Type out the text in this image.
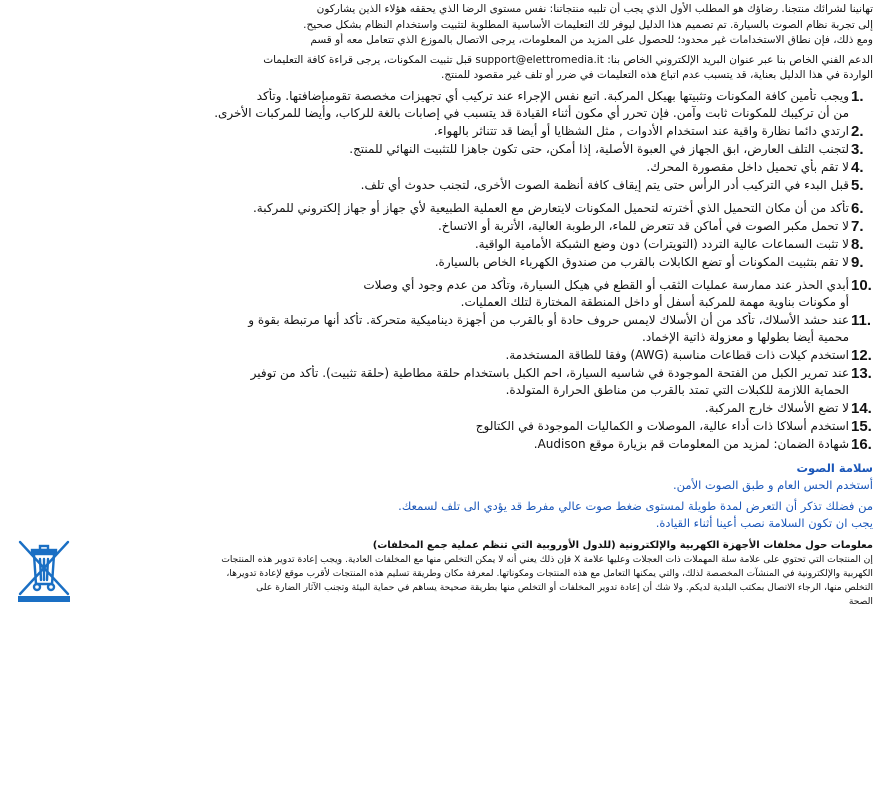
تهانينا لشرائك منتجنا. رضاؤك هو المطلب الأول الذي يجب أن تلبيه منتجاتنا: نفس مستوى الرضا الذي يحققه هؤلاء الذين يشاركون

إلى تجربة نظام الصوت بالسيارة. تم تصميم هذا الدليل ليوفر لك التعليمات الأساسية المطلوبة لتثبيت واستخدام النظام بشكل صحيح.

ومع ذلك، فإن نطاق الاستخدامات غير محدود؛ للحصول على المزيد من المعلومات، يرجى الاتصال بالموزع الذي تتعامل معه أو قسم

الدعم الفني الخاص بنا عبر عنوان البريد الإلكتروني الخاص بنا: support@elettromedia.it قبل تثبيت المكونات، يرجى قراءة كافة التعليمات

الواردة في هذا الدليل بعناية، قد يتسبب عدم اتباع هذه التعليمات في ضرر أو تلف غير مقصود للمنتج.

1.
ويجب تأمين كافة المكونات وتثبيتها بهيكل المركبة. اتبع نفس الإجراء عند تركيب أي تجهيزات مخصصة تقومبإضافتها. وتأكد
من أن تركيبك للمكونات ثابت وآمن. فإن تحرر أي مكون أثناء القيادة قد يتسبب في إصابات بالغة للركاب، وأيضا للمركبات الأخرى.
2.
ارتدي دائما نظارة واقية عند استخدام الأدوات , مثل الشظايا أو أيضا قد تتناثر بالهواء.
3.
لتجنب التلف العارض، ابق الجهاز في العبوة الأصلية، إذا أمكن، حتى تكون جاهزا للتثبيت النهائي للمنتج.
4.
لا تقم بأي تحميل داخل مقصورة المحرك.
5.
قبل البدء في التركيب أدر الرأس حتى يتم إيقاف كافة أنظمة الصوت الأخرى، لتجنب حدوث أي تلف.
6.
تأكد من أن مكان التحميل الذي أخترته لتحميل المكونات لايتعارض مع العملية الطبيعية لأي جهاز أو جهاز إلكتروني للمركبة.
7.
لا تحمل مكبر الصوت في أماكن قد تتعرض للماء، الرطوبة العالية، الأتربة أو الاتساخ.
8.
لا تثبت السماعات عالية التردد (التويترات) دون وضع الشبكة الأمامية الواقية.
9.
لا تقم بتثبيت المكونات أو تضع الكابلات بالقرب من صندوق الكهرباء الخاص بالسيارة.
10.
أبدي الحذر عند ممارسة عمليات الثقب أو القطع في هيكل السيارة، وتأكد من عدم وجود أي وصلات
أو مكونات بناوية مهمة للمركبة أسفل أو داخل المنطقة المختارة لتلك العمليات.
11.
عند حشد الأسلاك، تأكد من أن الأسلاك لايمس حروف حادة أو بالقرب من أجهزة ديناميكية متحركة. تأكد أنها مرتبطة بقوة و
محمية أيضا بطولها و معزولة ذاتية الإخماد.
12.
استخدم كيلات ذات قطاعات مناسبة (AWG) وفقا للطاقة المستخدمة.
13.
عند تمرير الكبل من الفتحة الموجودة في شاسيه السيارة، احم الكبل باستخدام حلقة مطاطية (حلقة تثبيت). تأكد من توفير
الحماية اللازمة للكبلات التي تمتد بالقرب من مناطق الحرارة المتولدة.
14.
لا تضع الأسلاك خارج المركبة.
15.
استخدم أسلاكا ذات أداء عالية، الموصلات و الكماليات الموجودة في الكتالوج
16.
شهادة الضمان: لمزيد من المعلومات قم بزيارة موقع Audison.
سلامة الصوت

أستخدم الحس العام و طبق الصوت الأمن.

من فضلك تذكر أن التعرض لمدة طويلة لمستوى ضغط صوت عالي مفرط قد يؤدي الى تلف لسمعك.

يجب ان تكون السلامة نصب أعينا أثناء القيادة.

معلومات حول مخلفات الأجهزة الكهربية والإلكترونية (للدول الأوروبية التي تنظم عملية جمع المخلفات)

إن المنتجات التي تحتوي على علامة سلة المهملات ذات العجلات وعليها علامة X فإن ذلك يعني أنه لا يمكن التخلص منها مع المخلفات العادية. ويجب إعادة تدوير هذه المنتجات

الكهربية والإلكترونية في المنشآت المخصصة لذلك، والتي يمكنها التعامل مع هذه المنتجات ومكوناتها. لمعرفة مكان وطريقة تسليم هذه المنتجات لأقرب موقع لإعادة تدويرها،

التخلص منها، الرجاء الاتصال بمكتب البلدية لديكم. ولا شك أن إعادة تدوير المخلفات أو التخلص منها بطريقة صحيحة يساهم في حماية البيئة وتجنب الآثار الضارة على

الصحة
